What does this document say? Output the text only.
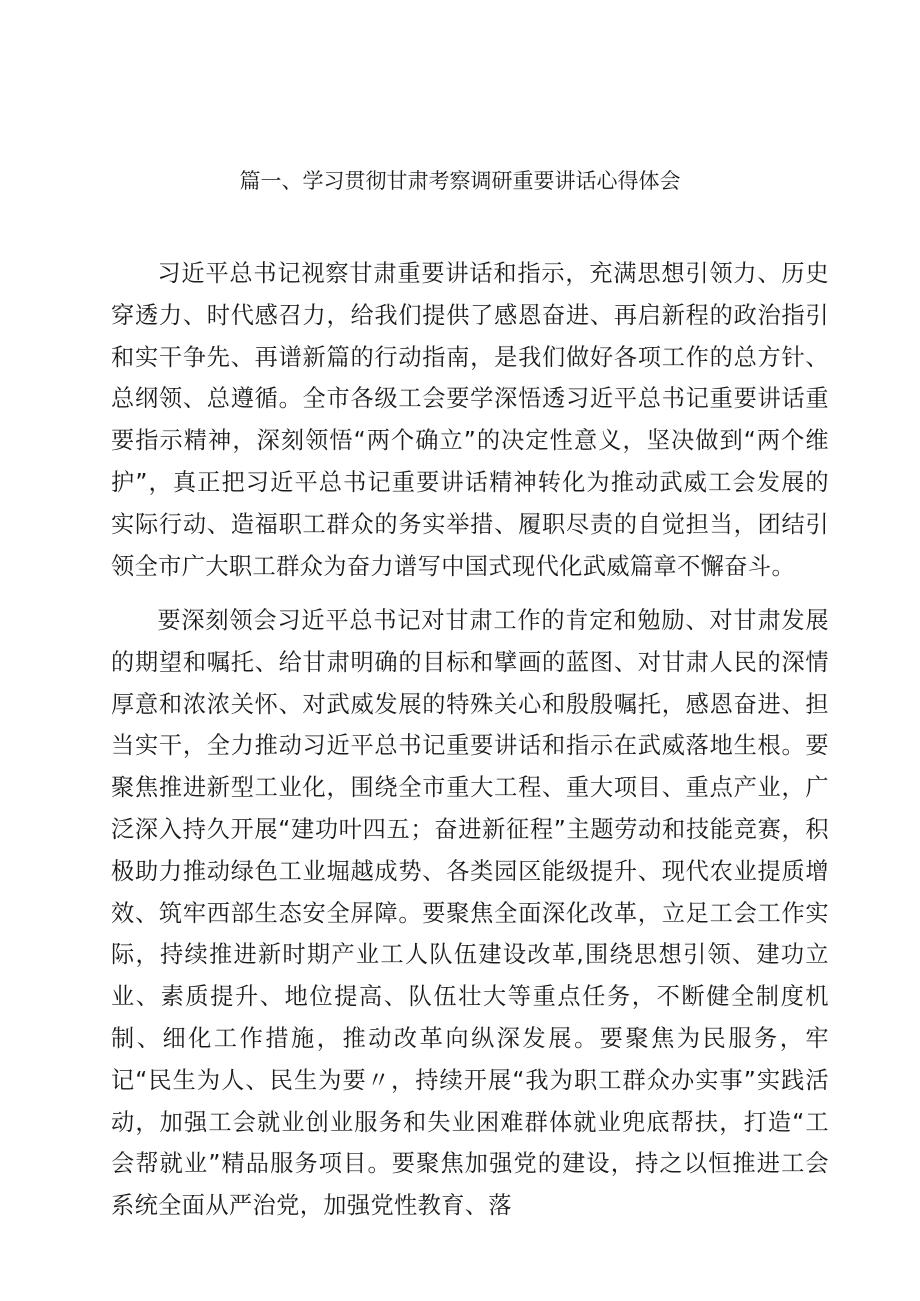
篇一、学习贯彻甘肃考察调研重要讲话心得体会

习近平总书记视察甘肃重要讲话和指示，充满思想引领力、历史穿透力、时代感召力，给我们提供了感恩奋进、再启新程的政治指引和实干争先、再谱新篇的行动指南，是我们做好各项工作的总方针、总纲领、总遵循。全市各级工会要学深悟透习近平总书记重要讲话重要指示精神，深刻领悟“两个确立”的决定性意义，坚决做到“两个维护”，真正把习近平总书记重要讲话精神转化为推动武威工会发展的实际行动、造福职工群众的务实举措、履职尽责的自觉担当，团结引领全市广大职工群众为奋力谱写中国式现代化武威篇章不懈奋斗。

要深刻领会习近平总书记对甘肃工作的肯定和勉励、对甘肃发展的期望和嘱托、给甘肃明确的目标和擘画的蓝图、对甘肃人民的深情厚意和浓浓关怀、对武威发展的特殊关心和殷殷嘱托，感恩奋进、担当实干，全力推动习近平总书记重要讲话和指示在武威落地生根。要聚焦推进新型工业化，围绕全市重大工程、重大项目、重点产业，广泛深入持久开展“建功叶四五；奋进新征程”主题劳动和技能竞赛，积极助力推动绿色工业堀越成势、各类园区能级提升、现代农业提质增效、筑牢西部生态安全屏障。要聚焦全面深化改革，立足工会工作实际，持续推进新时期产业工人队伍建设改革,围绕思想引领、建功立业、素质提升、地位提高、队伍壮大等重点任务，不断健全制度机制、细化工作措施，推动改革向纵深发展。要聚焦为民服务，牢记“民生为人、民生为要〃，持续开展“我为职工群众办实事”实践活动，加强工会就业创业服务和失业困难群体就业兜底帮扶，打造“工会帮就业”精品服务项目。要聚焦加强党的建设，持之以恒推进工会系统全面从严治党，加强党性教育、落
